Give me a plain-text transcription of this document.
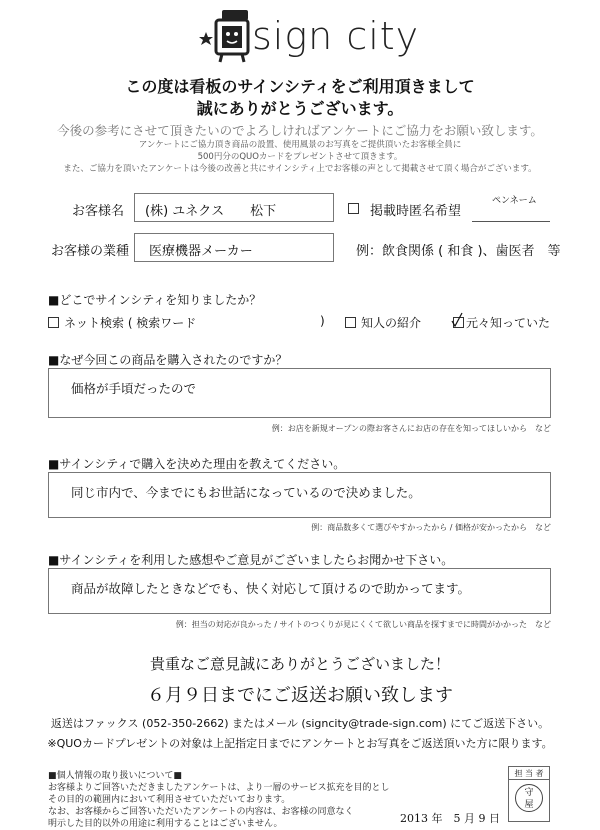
sign city
この度は看板のサインシティをご利用頂きまして
誠にありがとうございます。
今後の参考にさせて頂きたいのでよろしければアンケートにご協力をお願い致します。
アンケートにご協力頂き商品の設置、使用風景のお写真をご提供頂いたお客様全員に
500円分のQUOカードをプレゼントさせて頂きます。
また、ご協力を頂いたアンケートは今後の改善と共にサインシティ上でお客様の声として掲載させて頂く場合がございます。
お客様名 (株) ユネクス　　松下	掲載時匿名希望
ペンネーム
お客様の業種 医療機器メーカー	例：飲食関係 ( 和食 )、歯医者　等
■どこでサインシティを知りましたか？
ネット検索 ( 検索ワード	)	知人の紹介	元々知っていた
■なぜ今回この商品を購入されたのですか？
価格が手頃だったので
例：お店を新規オープンの際お客さんにお店の存在を知ってほしいから　など
■サインシティで購入を決めた理由を教えてください。
同じ市内で、今までにもお世話になっているので決めました。
例：商品数多くて選びやすかったから / 価格が安かったから　など
■サインシティを利用した感想やご意見がございましたらお聞かせ下さい。
商品が故障したときなどでも、快く対応して頂けるので助かってます。
例：担当の対応が良かった / サイトのつくりが見にくくて欲しい商品を探すまでに時間がかかった　など
貴重なご意見誠にありがとうございました！
６月９日までにご返送お願い致します
返送はファックス (052-350-2662) またはメール (signcity@trade-sign.com) にてご返送下さい。
※QUOカードプレゼントの対象は上記指定日までにアンケートとお写真をご返送頂いた方に限ります。
■個人情報の取り扱いについて■
お客様よりご回答いただきましたアンケートは、より一層のサービス拡充を目的とし
その目的の範囲内において利用させていただいております。
なお、お客様からご回答いただいたアンケートの内容は、お客様の同意なく
明示した目的以外の用途に利用することはございません。	2013 年　5 月 9 日
担 当 者
守
屋
